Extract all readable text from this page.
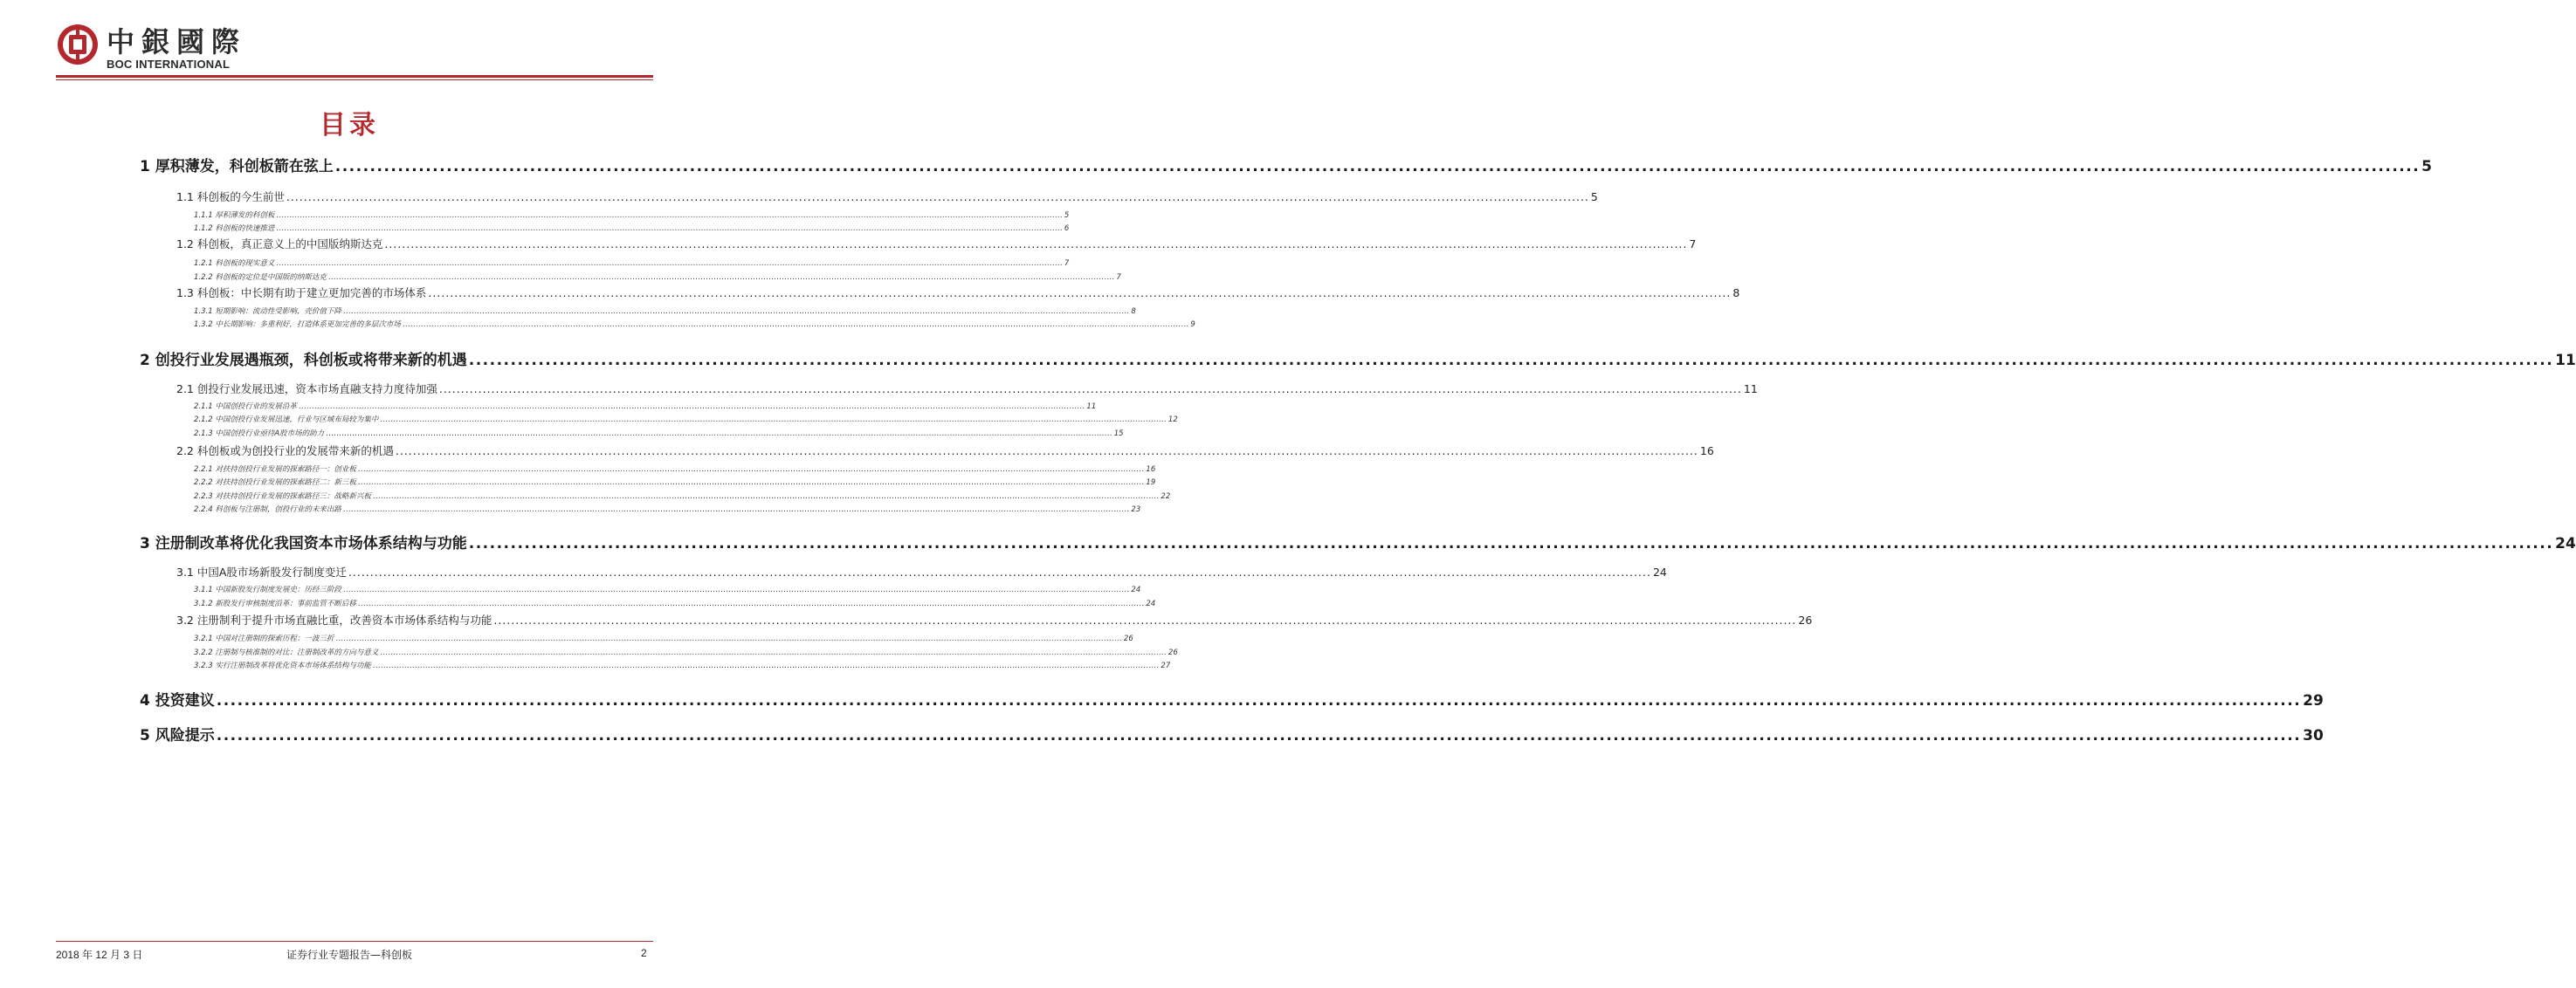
中銀國際
BOC INTERNATIONAL
目录
1 厚积薄发，科创板箭在弦上 ............................................................................................................................................................................................................................................................................................................ 5
1.1 科创板的今生前世 ............................................................................................................................................................................................................................................................................................................ 5
1.1.1 厚积薄发的科创板 ............................................................................................................................................................................................................................................................................................................ 5
1.1.2 科创板的快速推进 ............................................................................................................................................................................................................................................................................................................ 6
1.2 科创板，真正意义上的中国版纳斯达克 ............................................................................................................................................................................................................................................................................................................ 7
1.2.1 科创板的现实意义 ............................................................................................................................................................................................................................................................................................................ 7
1.2.2 科创板的定位是中国版的纳斯达克 ............................................................................................................................................................................................................................................................................................................ 7
1.3 科创板：中长期有助于建立更加完善的市场体系 ............................................................................................................................................................................................................................................................................................................ 8
1.3.1 短期影响：流动性受影响，壳价值下降 ............................................................................................................................................................................................................................................................................................................ 8
1.3.2 中长期影响：多重利好，打造体系更加完善的多层次市场 ............................................................................................................................................................................................................................................................................................................ 9
2 创投行业发展遇瓶颈，科创板或将带来新的机遇 ............................................................................................................................................................................................................................................................................................................ 11
2.1 创投行业发展迅速，资本市场直融支持力度待加强 ............................................................................................................................................................................................................................................................................................................ 11
2.1.1 中国创投行业的发展沿革 ............................................................................................................................................................................................................................................................................................................ 11
2.1.2 中国创投行业发展迅速，行业与区域布局较为集中 ............................................................................................................................................................................................................................................................................................................ 12
2.1.3 中国创投行业亟待A股市场的助力 ............................................................................................................................................................................................................................................................................................................ 15
2.2 科创板或为创投行业的发展带来新的机遇 ............................................................................................................................................................................................................................................................................................................ 16
2.2.1 对扶持创投行业发展的探索路径一：创业板 ............................................................................................................................................................................................................................................................................................................ 16
2.2.2 对扶持创投行业发展的探索路径二：新三板 ............................................................................................................................................................................................................................................................................................................ 19
2.2.3 对扶持创投行业发展的探索路径三：战略新兴板 ............................................................................................................................................................................................................................................................................................................ 22
2.2.4 科创板与注册制，创投行业的未来出路 ............................................................................................................................................................................................................................................................................................................ 23
3 注册制改革将优化我国资本市场体系结构与功能 ............................................................................................................................................................................................................................................................................................................ 24
3.1 中国A股市场新股发行制度变迁 ............................................................................................................................................................................................................................................................................................................ 24
3.1.1 中国新股发行制度发展史：历经三阶段 ............................................................................................................................................................................................................................................................................................................ 24
3.1.2 新股发行审核制度沿革：事前监管不断后移 ............................................................................................................................................................................................................................................................................................................ 24
3.2 注册制利于提升市场直融比重，改善资本市场体系结构与功能 ............................................................................................................................................................................................................................................................................................................ 26
3.2.1 中国对注册制的探索历程：一波三折 ............................................................................................................................................................................................................................................................................................................ 26
3.2.2 注册制与核准制的对比：注册制改革的方向与意义 ............................................................................................................................................................................................................................................................................................................ 26
3.2.3 实行注册制改革将优化资本市场体系结构与功能 ............................................................................................................................................................................................................................................................................................................ 27
4 投资建议 ............................................................................................................................................................................................................................................................................................................ 29
5 风险提示 ............................................................................................................................................................................................................................................................................................................ 30
2018 年 12 月 3 日	证券行业专题报告—科创板	2
